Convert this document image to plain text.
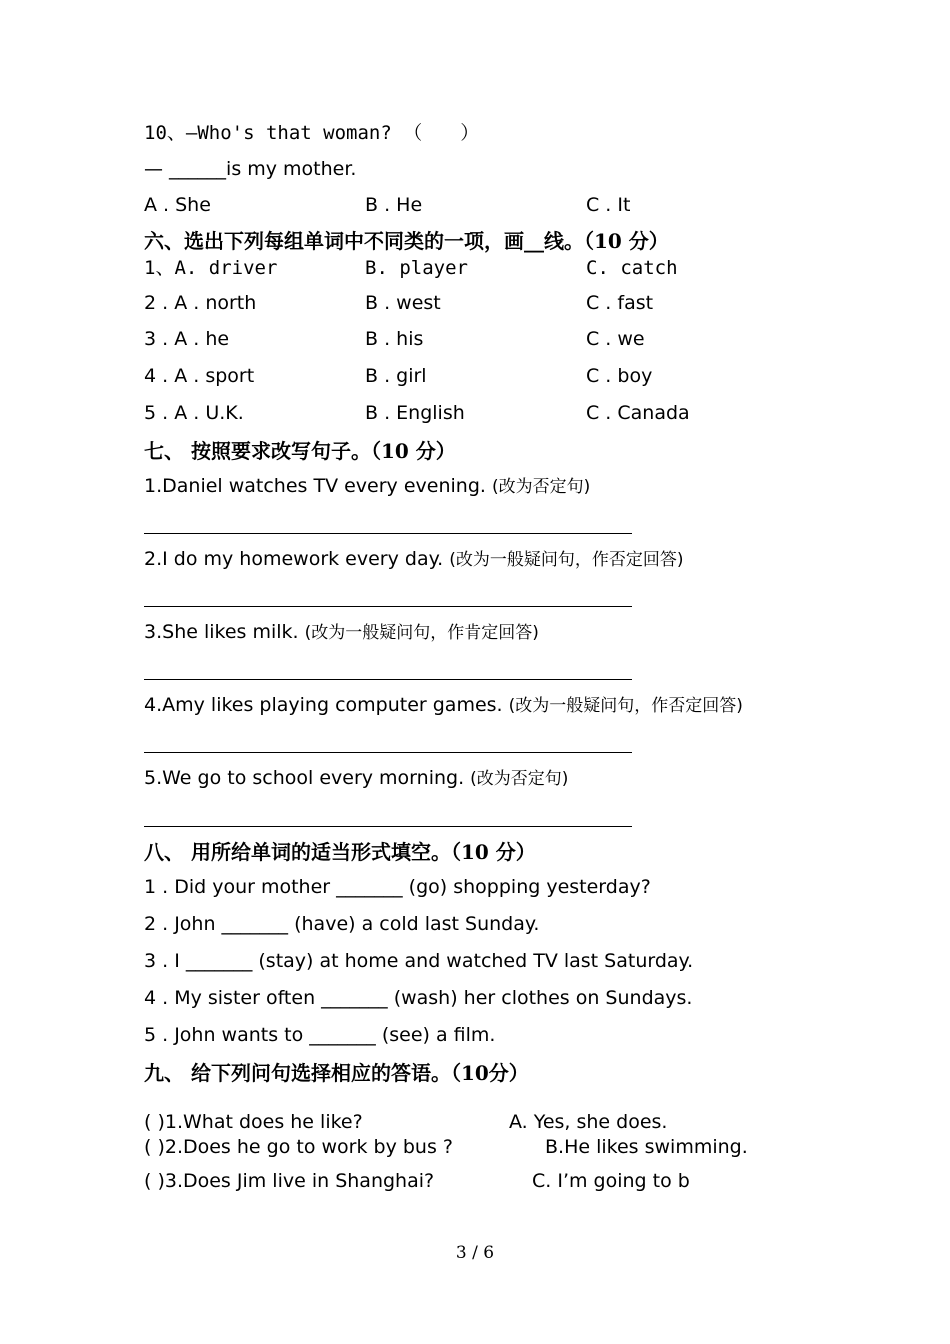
10、—Who's that woman? （　　）
— ______is my mother.
A . She	B . He	C . It
六、选出下列每组单词中不同类的一项，画__线。（10 分）
1、A. driver	B. player	C. catch
2 . A . north	B . west	C . fast
3 . A . he	B . his	C . we
4 . A . sport	B . girl	C . boy
5 . A . U.K.	B . English	C . Canada
七、 按照要求改写句子。（10 分）
1.Daniel watches TV every evening. (改为否定句)
2.I do my homework every day. (改为一般疑问句，作否定回答)
3.She likes milk. (改为一般疑问句，作肯定回答)
4.Amy likes playing computer games. (改为一般疑问句，作否定回答)
5.We go to school every morning. (改为否定句)
八、 用所给单词的适当形式填空。（10 分）
1 . Did your mother _______ (go) shopping yesterday?
2 . John _______ (have) a cold last Sunday.
3 . I _______ (stay) at home and watched TV last Saturday.
4 . My sister often _______ (wash) her clothes on Sundays.
5 . John wants to _______ (see) a film.
九、 给下列问句选择相应的答语。（10分）
( )1.What does he like?	A. Yes, she does.
( )2.Does he go to work by bus ?	B.He likes swimming.
( )3.Does Jim live in Shanghai?	C. I’m going to b
3 / 6
